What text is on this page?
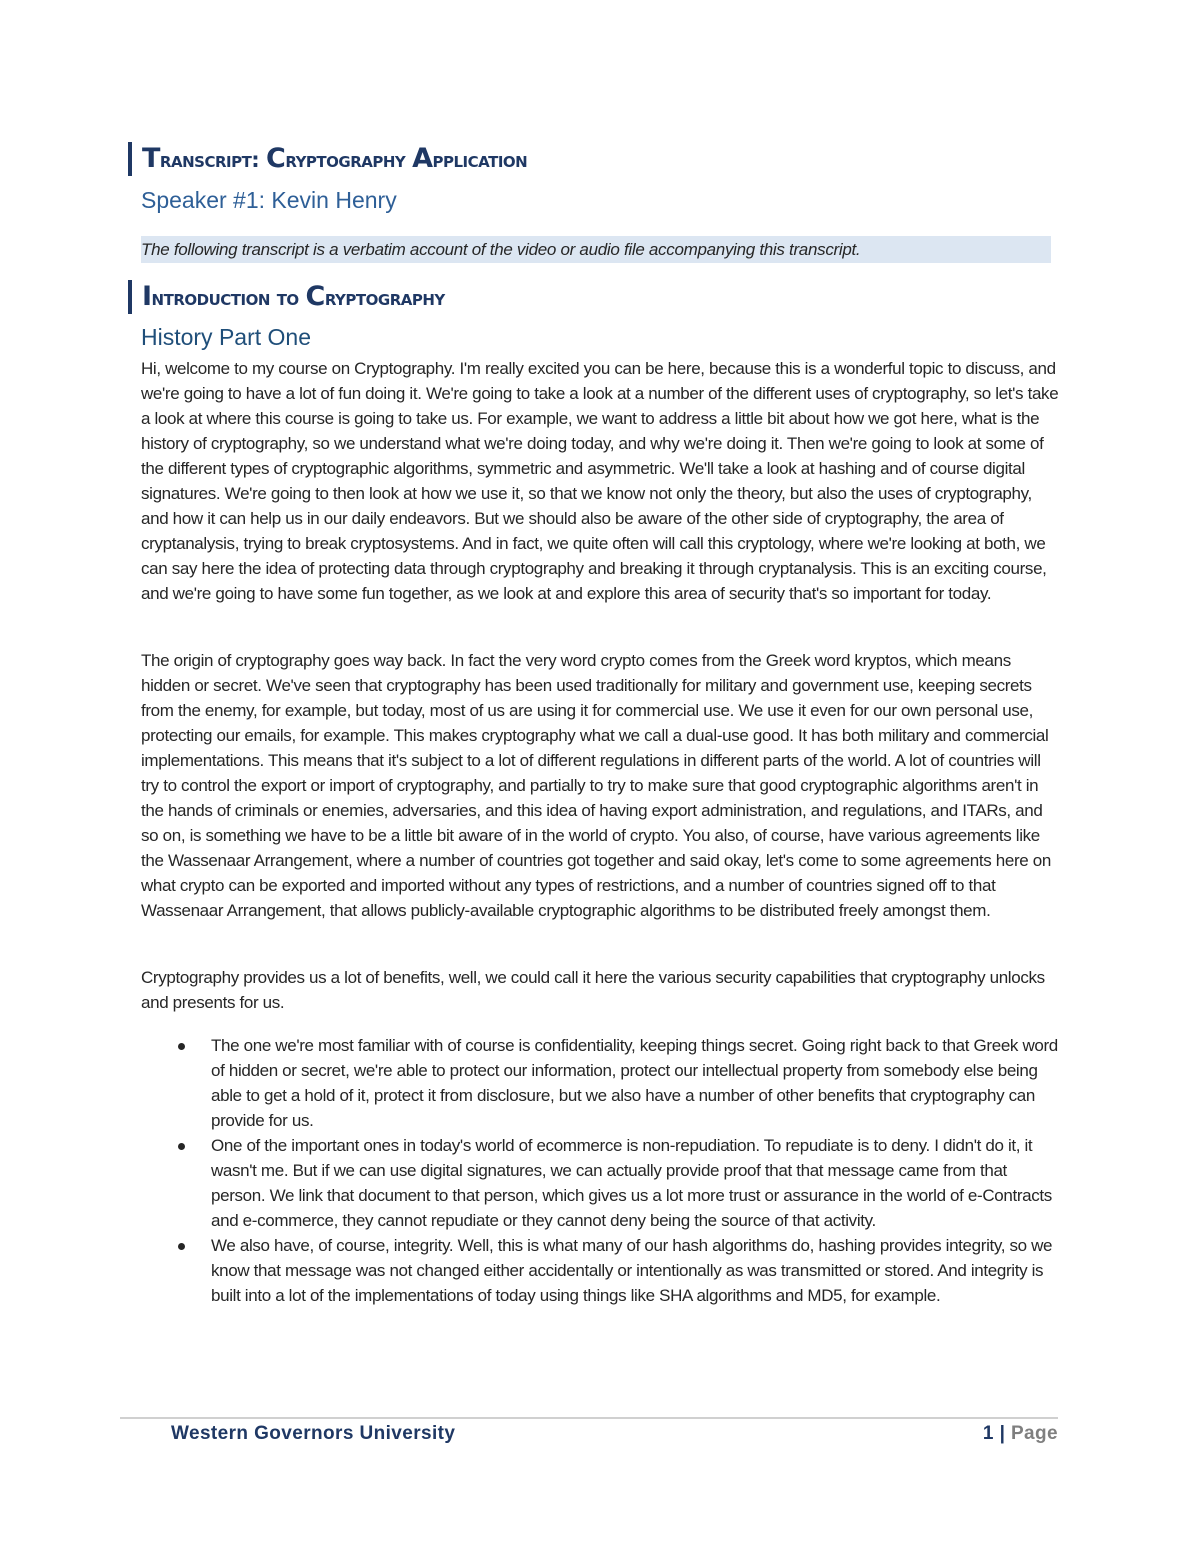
Transcript: Cryptography Application
Speaker #1: Kevin Henry
The following transcript is a verbatim account of the video or audio file accompanying this transcript.
Introduction to Cryptography
History Part One

Hi, welcome to my course on Cryptography. I'm really excited you can be here, because this is a wonderful topic to discuss, and we're going to have a lot of fun doing it. We're going to take a look at a number of the different uses of cryptography, so let's take a look at where this course is going to take us. For example, we want to address a little bit about how we got here, what is the history of cryptography, so we understand what we're doing today, and why we're doing it. Then we're going to look at some of the different types of cryptographic algorithms, symmetric and asymmetric. We'll take a look at hashing and of course digital signatures. We're going to then look at how we use it, so that we know not only the theory, but also the uses of cryptography, and how it can help us in our daily endeavors. But we should also be aware of the other side of cryptography, the area of cryptanalysis, trying to break cryptosystems. And in fact, we quite often will call this cryptology, where we're looking at both, we can say here the idea of protecting data through cryptography and breaking it through cryptanalysis. This is an exciting course, and we're going to have some fun together, as we look at and explore this area of security that's so important for today.

The origin of cryptography goes way back. In fact the very word crypto comes from the Greek word kryptos, which means hidden or secret. We've seen that cryptography has been used traditionally for military and government use, keeping secrets from the enemy, for example, but today, most of us are using it for commercial use. We use it even for our own personal use, protecting our emails, for example. This makes cryptography what we call a dual-use good. It has both military and commercial implementations. This means that it's subject to a lot of different regulations in different parts of the world. A lot of countries will try to control the export or import of cryptography, and partially to try to make sure that good cryptographic algorithms aren't in the hands of criminals or enemies, adversaries, and this idea of having export administration, and regulations, and ITARs, and so on, is something we have to be a little bit aware of in the world of crypto. You also, of course, have various agreements like the Wassenaar Arrangement, where a number of countries got together and said okay, let's come to some agreements here on what crypto can be exported and imported without any types of restrictions, and a number of countries signed off to that Wassenaar Arrangement, that allows publicly-available cryptographic algorithms to be distributed freely amongst them.

Cryptography provides us a lot of benefits, well, we could call it here the various security capabilities that cryptography unlocks and presents for us.

The one we're most familiar with of course is confidentiality, keeping things secret. Going right back to that Greek word of hidden or secret, we're able to protect our information, protect our intellectual property from somebody else being able to get a hold of it, protect it from disclosure, but we also have a number of other benefits that cryptography can provide for us.
One of the important ones in today's world of ecommerce is non-repudiation. To repudiate is to deny. I didn't do it, it wasn't me. But if we can use digital signatures, we can actually provide proof that that message came from that person. We link that document to that person, which gives us a lot more trust or assurance in the world of e-Contracts and e-commerce, they cannot repudiate or they cannot deny being the source of that activity.
We also have, of course, integrity. Well, this is what many of our hash algorithms do, hashing provides integrity, so we know that message was not changed either accidentally or intentionally as was transmitted or stored. And integrity is built into a lot of the implementations of today using things like SHA algorithms and MD5, for example.
Western Governors University	1 | Page
